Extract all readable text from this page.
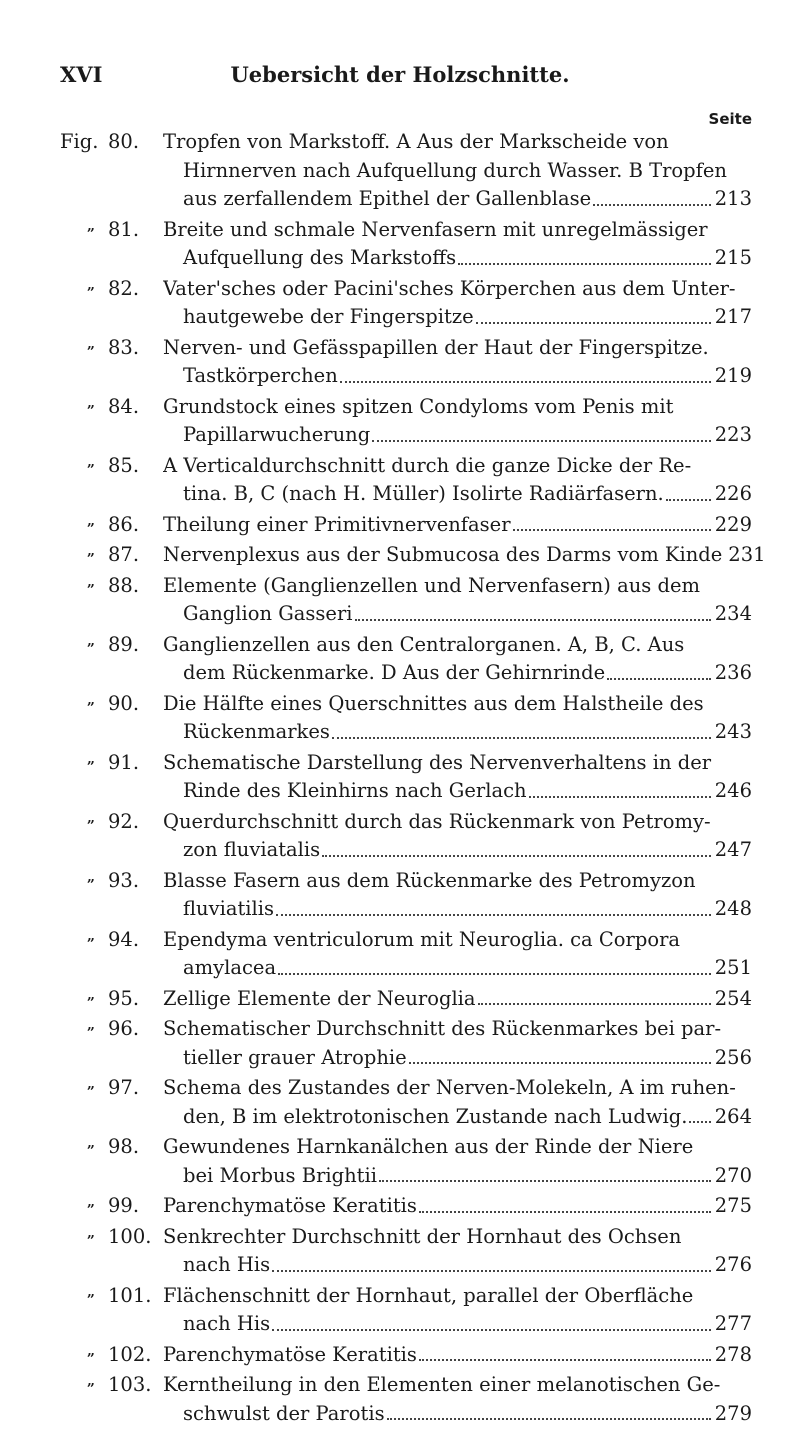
XVI	Uebersicht der Holzschnitte.
Seite
Fig. 80. Tropfen von Markstoff. A Aus der Markscheide von
Hirnnerven nach Aufquellung durch Wasser. B Tropfen
aus zerfallendem Epithel der Gallenblase	213
„ 81. Breite und schmale Nervenfasern mit unregelmässiger
Aufquellung des Markstoffs	215
„ 82. Vater'sches oder Pacini'sches Körperchen aus dem Unter-
hautgewebe der Fingerspitze	217
„ 83. Nerven- und Gefässpapillen der Haut der Fingerspitze.
Tastkörperchen	219
„ 84. Grundstock eines spitzen Condyloms vom Penis mit
Papillarwucherung	223
„ 85. A Verticaldurchschnitt durch die ganze Dicke der Re-
tina. B, C (nach H. Müller) Isolirte Radiärfasern.	226
„ 86. Theilung einer Primitivnervenfaser	229
„ 87. Nervenplexus aus der Submucosa des Darms vom Kinde 231
„ 88. Elemente (Ganglienzellen und Nervenfasern) aus dem
Ganglion Gasseri	234
„ 89. Ganglienzellen aus den Centralorganen. A, B, C. Aus
dem Rückenmarke. D Aus der Gehirnrinde	236
„ 90. Die Hälfte eines Querschnittes aus dem Halstheile des
Rückenmarkes	243
„ 91. Schematische Darstellung des Nervenverhaltens in der
Rinde des Kleinhirns nach Gerlach	246
„ 92. Querdurchschnitt durch das Rückenmark von Petromy-
zon fluviatalis	247
„ 93. Blasse Fasern aus dem Rückenmarke des Petromyzon
fluviatilis	248
„ 94. Ependyma ventriculorum mit Neuroglia. ca Corpora
amylacea	251
„ 95. Zellige Elemente der Neuroglia	254
„ 96. Schematischer Durchschnitt des Rückenmarkes bei par-
tieller grauer Atrophie	256
„ 97. Schema des Zustandes der Nerven-Molekeln, A im ruhen-
den, B im elektrotonischen Zustande nach Ludwig. 264
„ 98. Gewundenes Harnkanälchen aus der Rinde der Niere
bei Morbus Brightii	270
„ 99. Parenchymatöse Keratitis	275
„ 100. Senkrechter Durchschnitt der Hornhaut des Ochsen
nach His	276
„ 101. Flächenschnitt der Hornhaut, parallel der Oberfläche
nach His	277
„ 102. Parenchymatöse Keratitis	278
„ 103. Kerntheilung in den Elementen einer melanotischen Ge-
schwulst der Parotis	279
